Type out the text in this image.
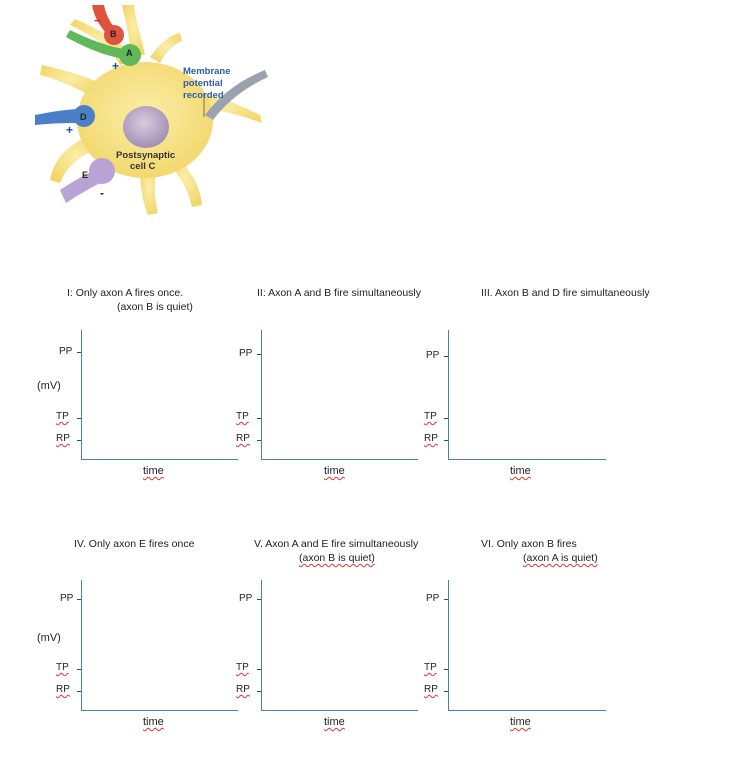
B
A
D
E
−
+
+
-
Membrane
potential
recorded
Postsynaptic
cell C
I: Only axon A fires once.
(axon B is quiet)
(mV)
PP
TP
RP
time
II: Axon A and B fire simultaneously
PP
TP
RP
time
III. Axon B and D fire simultaneously
PP
TP
RP
time
IV. Only axon E fires once
(mV)
PP
TP
RP
time
V. Axon A and E fire simultaneously
(axon B is quiet)
PP
TP
RP
time
VI. Only axon B fires
(axon A is quiet)
PP
TP
RP
time
